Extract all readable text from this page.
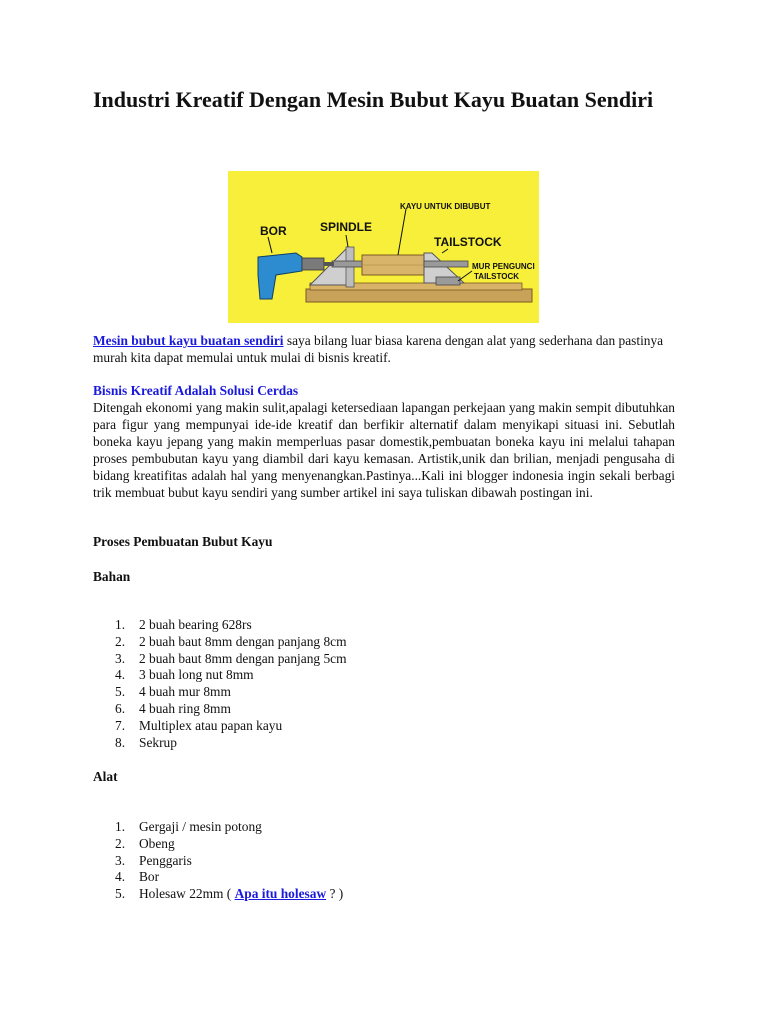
Industri Kreatif Dengan Mesin Bubut Kayu Buatan Sendiri
BOR	SPINDLE
KAYU UNTUK DIBUBUT
TAILSTOCK
MUR PENGUNCI
TAILSTOCK

Mesin bubut kayu buatan sendiri saya bilang luar biasa karena dengan alat yang sederhana dan pastinya murah kita dapat memulai untuk mulai di bisnis kreatif.

Bisnis Kreatif Adalah Solusi Cerdas

Ditengah ekonomi yang makin sulit,apalagi ketersediaan lapangan perkejaan yang makin sempit dibutuhkan para figur yang mempunyai ide-ide kreatif dan berfikir alternatif dalam menyikapi situasi ini. Sebutlah boneka kayu jepang yang makin memperluas pasar domestik,pembuatan boneka kayu ini melalui tahapan proses pembubutan kayu yang diambil dari kayu kemasan. Artistik,unik dan brilian, menjadi pengusaha di bidang kreatifitas adalah hal yang menyenangkan.Pastinya...Kali ini blogger indonesia ingin sekali berbagi trik membuat bubut kayu sendiri yang sumber artikel ini saya tuliskan dibawah postingan ini.

Proses Pembuatan Bubut Kayu

Bahan

1. 2 buah bearing 628rs
2. 2 buah baut 8mm dengan panjang 8cm
3. 2 buah baut 8mm dengan panjang 5cm
4. 3 buah long nut 8mm
5. 4 buah mur 8mm
6. 4 buah ring 8mm
7. Multiplex atau papan kayu
8. Sekrup

Alat

1. Gergaji / mesin potong
2. Obeng
3. Penggaris
4. Bor
5. Holesaw 22mm ( Apa itu holesaw ? )
